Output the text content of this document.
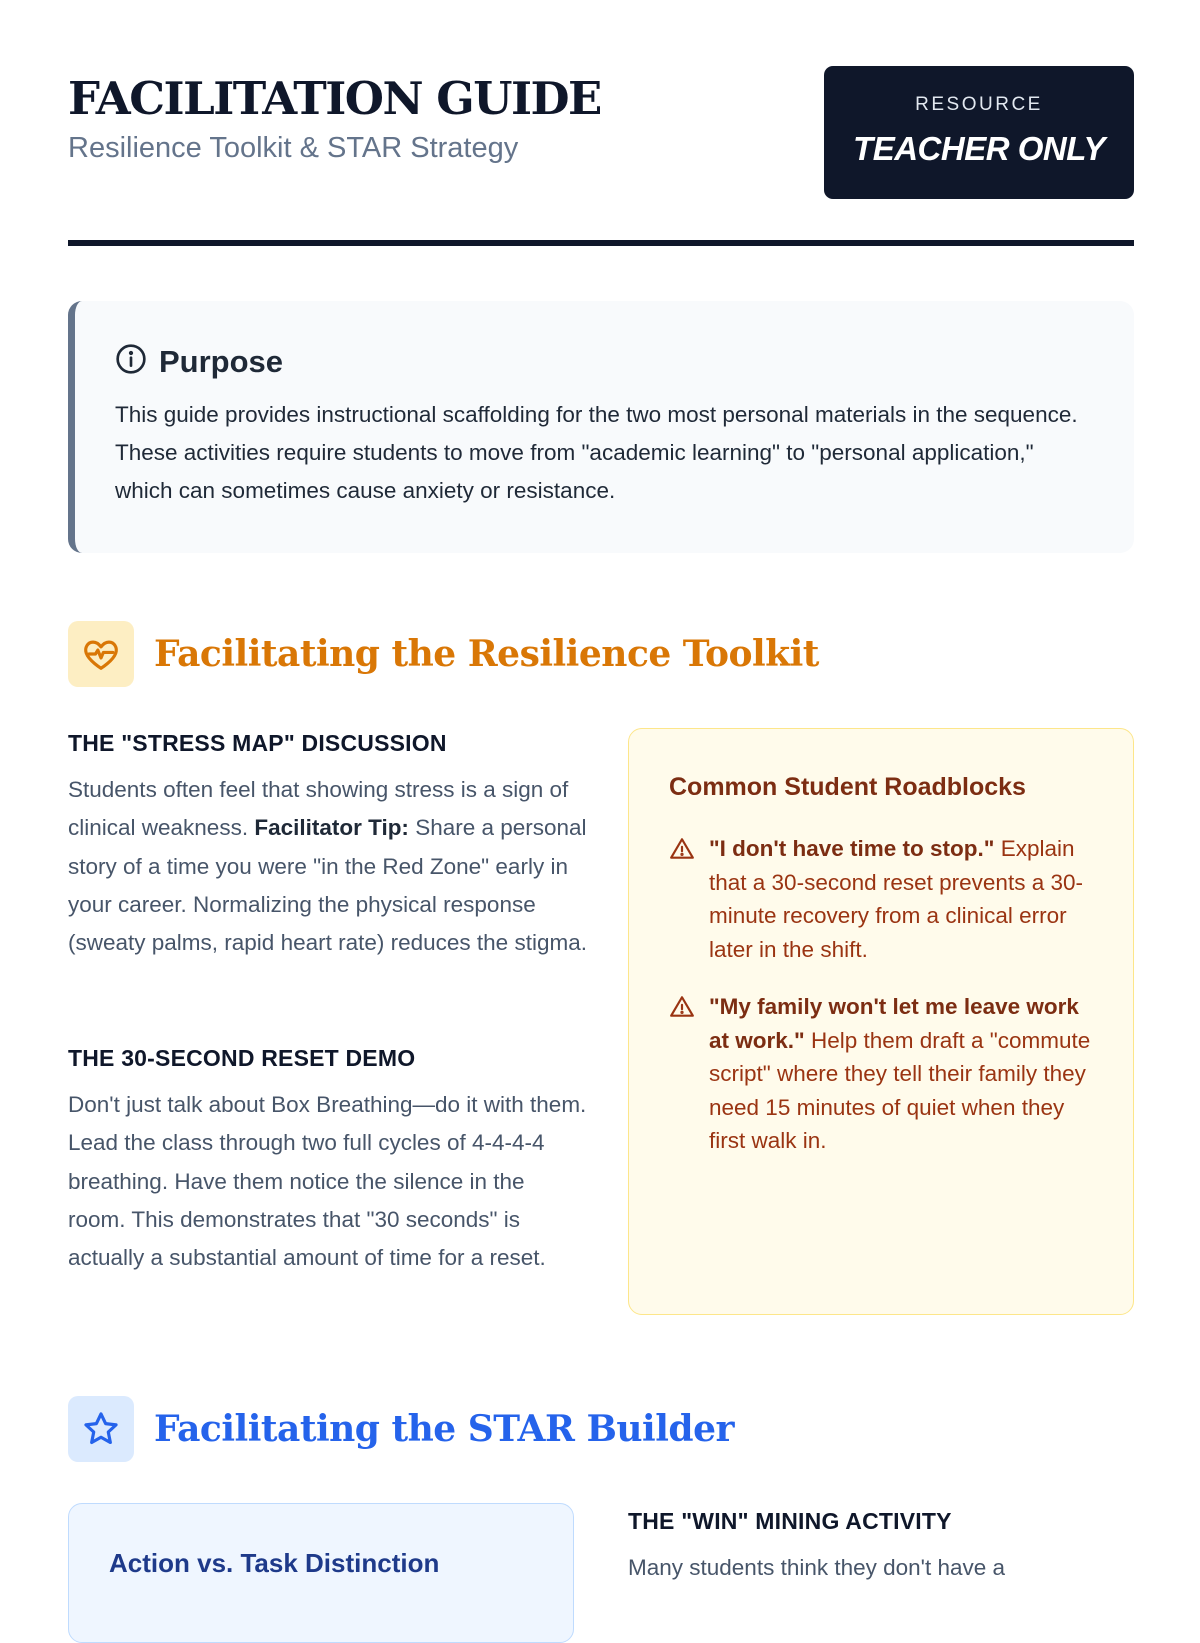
FACILITATION GUIDE
Resilience Toolkit & STAR Strategy
RESOURCE
TEACHER ONLY
Purpose

This guide provides instructional scaffolding for the two most personal materials in the sequence. These activities require students to move from "academic learning" to "personal application," which can sometimes cause anxiety or resistance.

Facilitating the Resilience Toolkit
THE "STRESS MAP" DISCUSSION

Students often feel that showing stress is a sign of clinical weakness. Facilitator Tip: Share a personal story of a time you were "in the Red Zone" early in your career. Normalizing the physical response (sweaty palms, rapid heart rate) reduces the stigma.

THE 30-SECOND RESET DEMO

Don't just talk about Box Breathing—do it with them. Lead the class through two full cycles of 4-4-4-4 breathing. Have them notice the silence in the room. This demonstrates that "30 seconds" is actually a substantial amount of time for a reset.

Common Student Roadblocks

"I don't have time to stop." Explain that a 30-second reset prevents a 30-minute recovery from a clinical error later in the shift.

"My family won't let me leave work at work." Help them draft a "commute script" where they tell their family they need 15 minutes of quiet when they first walk in.

Facilitating the STAR Builder
Action vs. Task Distinction
THE "WIN" MINING ACTIVITY

Many students think they don't have a
